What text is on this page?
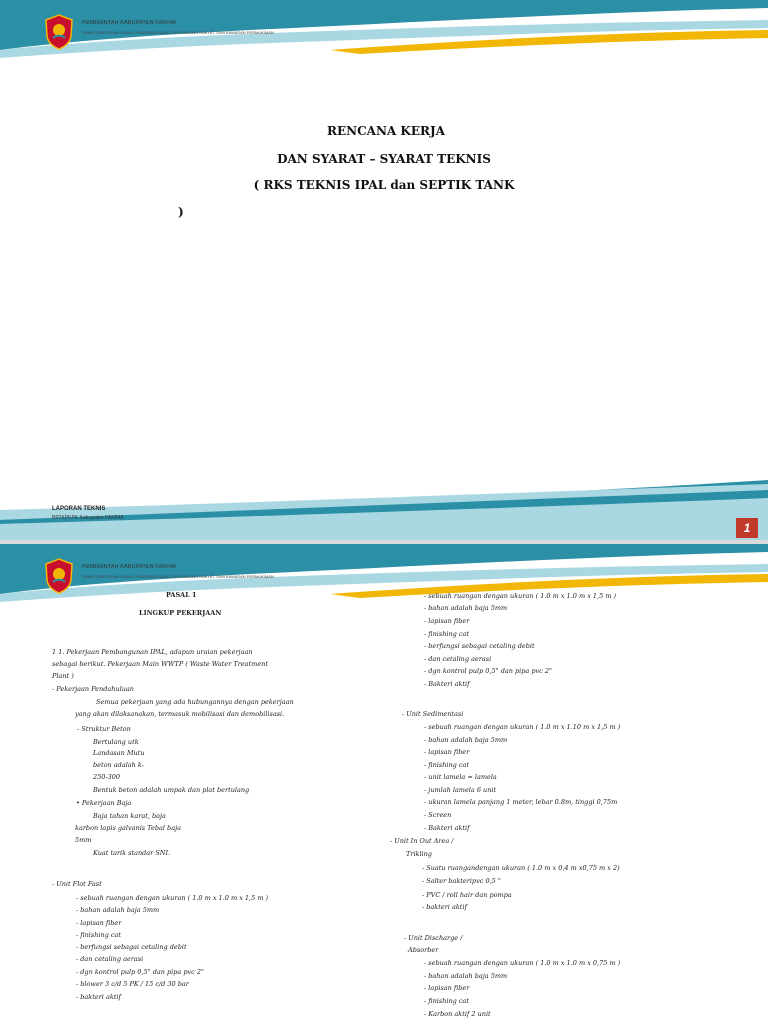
PEMERINTAH KABUPATEN FAKFAK
DINAS PEKERJAAN UMUM, PENATAAN RUANG PERUMAHAN RAKYAT, DAN KAWASAN PERMUKIMAN
RENCANA KERJA
DAN SYARAT – SYARAT TEKNIS
( RKS TEKNIS IPAL dan SEPTIK TANK
)
LAPORAN TEKNIS
BP2KPKPK Kabupaten FAKFAK
1
PEMERINTAH KABUPATEN FAKFAK
DINAS PEKERJAAN UMUM, PENATAAN RUANG PERUMAHAN RAKYAT, DAN KAWASAN PERMUKIMAN
PASAL 1
LINGKUP PEKERJAAN
1 1. Pekerjaan Pembangunan IPAL, adapun uraian pekerjaan
sebagai berikut. Pekerjaan Main WWTP ( Waste Water Treatment
Plant )
- Pekerjaan Pendahuluan
Semua pekerjaan yang ada hubungannya dengan pekerjaan
yang akan dilaksanakan, termasuk mobilisasi dan demobilisasi.
- Struktur Beton
Bertulang utk
Landasan Mutu
beton adalah k-
250-300
Bentuk beton adalah umpak dan plat bertulang
• Pekerjaan Baja
Baja tahan karat, baja
karbon lapis galvanis Tebal baja
5mm
Kuat tarik standar SNI.
- Unit Flot Fast
- sebuah ruangan dengan ukuran ( 1.0 m x 1.0 m x 1,5 m )
- bahan adalah baja 5mm
- lapisan fiber
- finishing cat
- berfungsi sebagai cetaling debit
- dan cetaling aerasi
- dgn kontrol pulp 0,5" dan pipa pvc 2"
- blower 3 c/d 5 PK / 15 c/d 30 bar
- bakteri aktif
- sebuah ruangan dengan ukuran ( 1.0 m x 1.0 m x 1,5 m )
- bahan adalah baja 5mm
- lapisan fiber
- finishing cat
- berfungsi sebagai cetaling debit
- dan cetaling aerasi
- dgn kontrol pulp 0,5" dan pipa pvc 2"
- Bakteri aktif
- Unit Sedimentasi
- sebuah ruangan dengan ukuran ( 1.0 m x 1.10 m x 1,5 m )
- bahan adalah baja 5mm
- lapisan fiber
- finishing cat
- unit lamela = lamela
- jumlah lamela 6 unit
- ukuran lamela panjang 1 meter, lebar 0.8m, tinggi 0,75m
- Screen
- Bakteri aktif
- Unit In Out Area /
Trikling
- Suatu ruangandengan ukuran ( 1.0 m x 0,4 m x0,75 m x 2)
- Salter bakteripvc 0,5 "
- PVC / roll hair dan pompa
- bakteri aktif
- Unit Discharge /
Absorber
- sebuah ruangan dengan ukuran ( 1.0 m x 1.0 m x 0,75 m )
- bahan adalah baja 5mm
- lapisan fiber
- finishing cat
- Karbon aktif 2 unit
